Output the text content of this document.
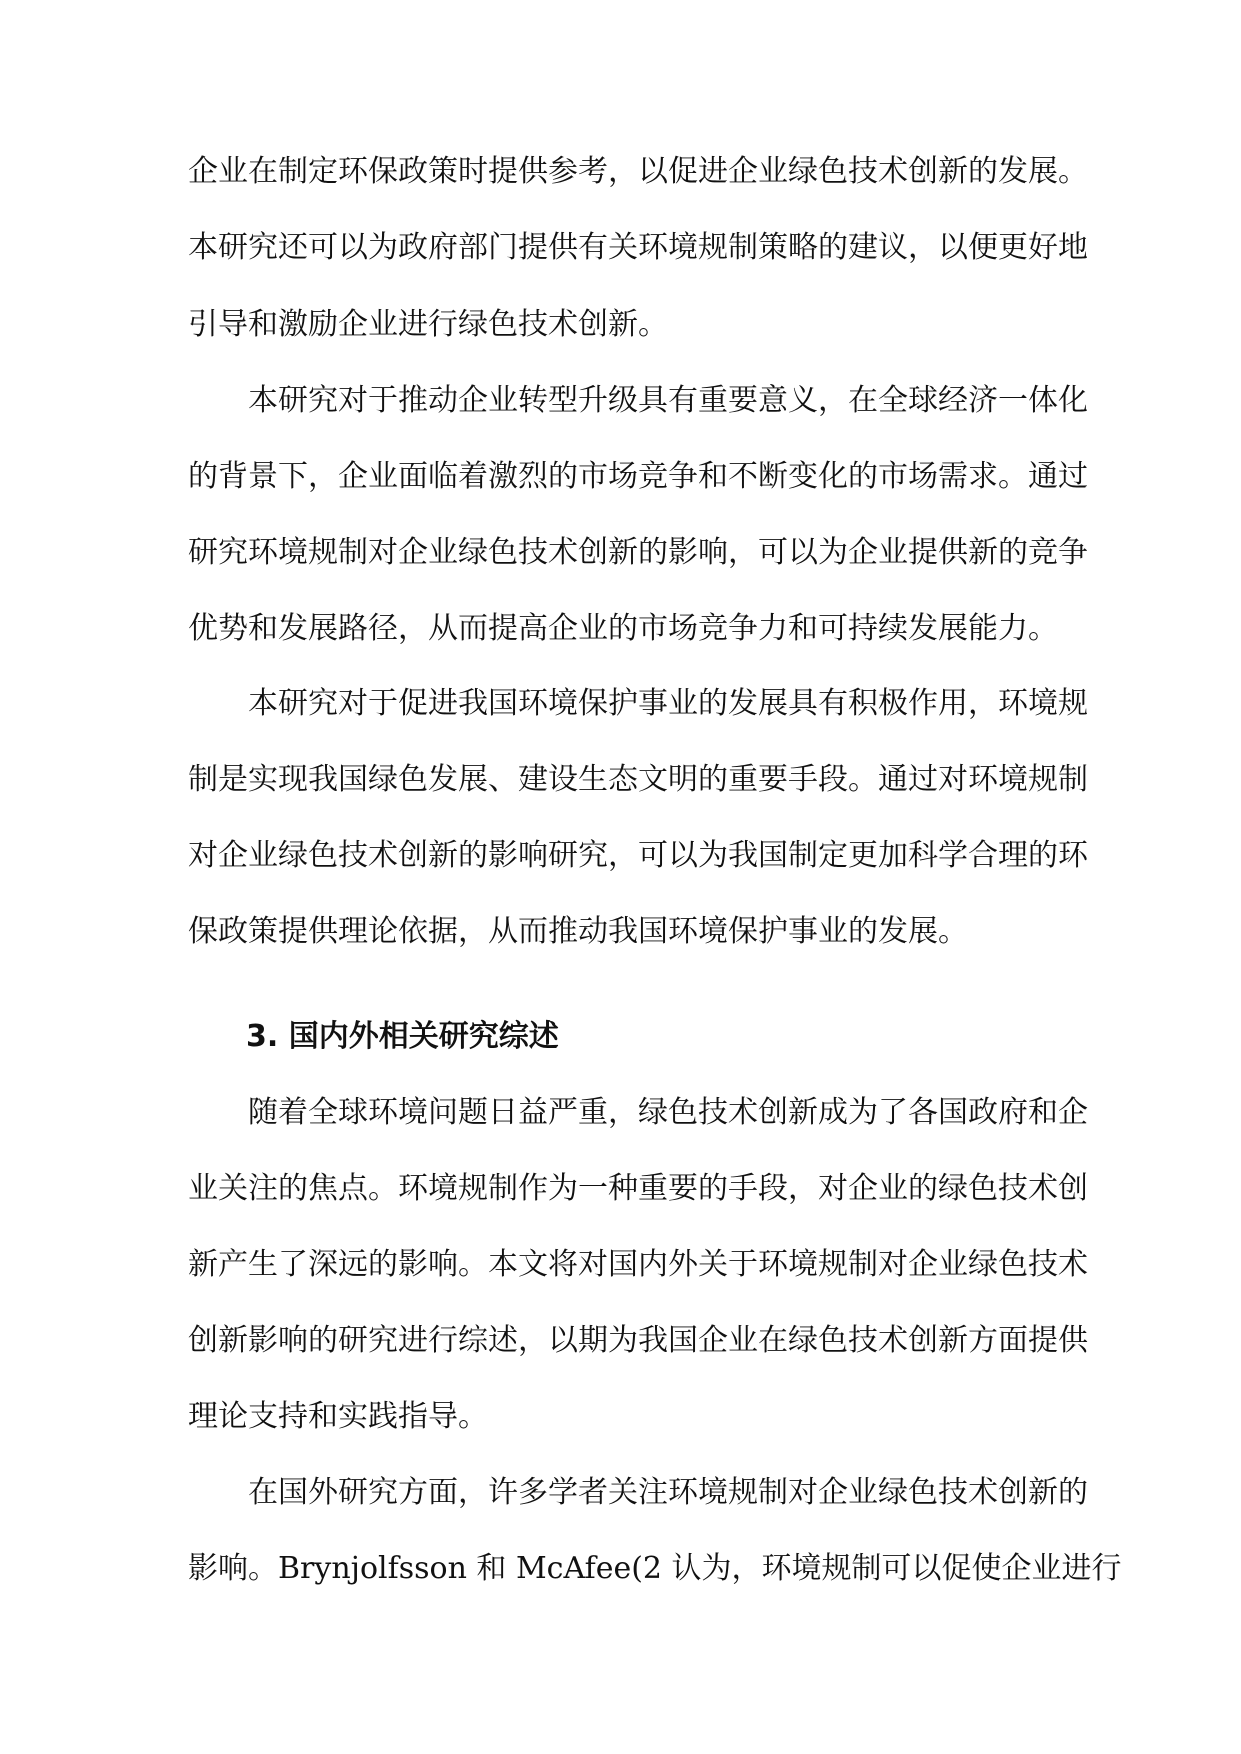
企业在制定环保政策时提供参考，以促进企业绿色技术创新的发展。

本研究还可以为政府部门提供有关环境规制策略的建议，以便更好地

引导和激励企业进行绿色技术创新。

本研究对于推动企业转型升级具有重要意义，在全球经济一体化

的背景下，企业面临着激烈的市场竞争和不断变化的市场需求。通过

研究环境规制对企业绿色技术创新的影响，可以为企业提供新的竞争

优势和发展路径，从而提高企业的市场竞争力和可持续发展能力。

本研究对于促进我国环境保护事业的发展具有积极作用，环境规

制是实现我国绿色发展、建设生态文明的重要手段。通过对环境规制

对企业绿色技术创新的影响研究，可以为我国制定更加科学合理的环

保政策提供理论依据，从而推动我国环境保护事业的发展。

3. 国内外相关研究综述

随着全球环境问题日益严重，绿色技术创新成为了各国政府和企

业关注的焦点。环境规制作为一种重要的手段，对企业的绿色技术创

新产生了深远的影响。本文将对国内外关于环境规制对企业绿色技术

创新影响的研究进行综述，以期为我国企业在绿色技术创新方面提供

理论支持和实践指导。

在国外研究方面，许多学者关注环境规制对企业绿色技术创新的

影响。Brynjolfsson 和 McAfee(2 认为，环境规制可以促使企业进行
